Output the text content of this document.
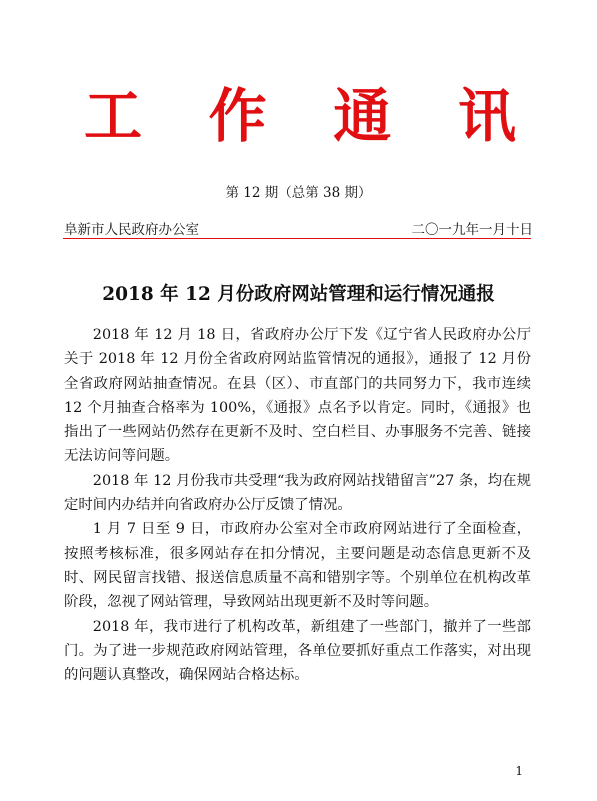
工 作 通 讯
第 12 期（总第 38 期）
阜新市人民政府办公室	二〇一九年一月十日
2018 年 12 月份政府网站管理和运行情况通报

2018 年 12 月 18 日，省政府办公厅下发《辽宁省人民政府办公厅关于 2018 年 12 月份全省政府网站监管情况的通报》，通报了 12 月份全省政府网站抽查情况。在县（区）、市直部门的共同努力下，我市连续 12 个月抽查合格率为 100%，《通报》点名予以肯定。同时，《通报》也指出了一些网站仍然存在更新不及时、空白栏目、办事服务不完善、链接无法访问等问题。

2018 年 12 月份我市共受理“我为政府网站找错留言”27 条，均在规定时间内办结并向省政府办公厅反馈了情况。

1 月 7 日至 9 日，市政府办公室对全市政府网站进行了全面检查，按照考核标准，很多网站存在扣分情况，主要问题是动态信息更新不及时、网民留言找错、报送信息质量不高和错别字等。个别单位在机构改革阶段，忽视了网站管理，导致网站出现更新不及时等问题。

2018 年，我市进行了机构改革，新组建了一些部门，撤并了一些部门。为了进一步规范政府网站管理，各单位要抓好重点工作落实，对出现的问题认真整改，确保网站合格达标。

1
